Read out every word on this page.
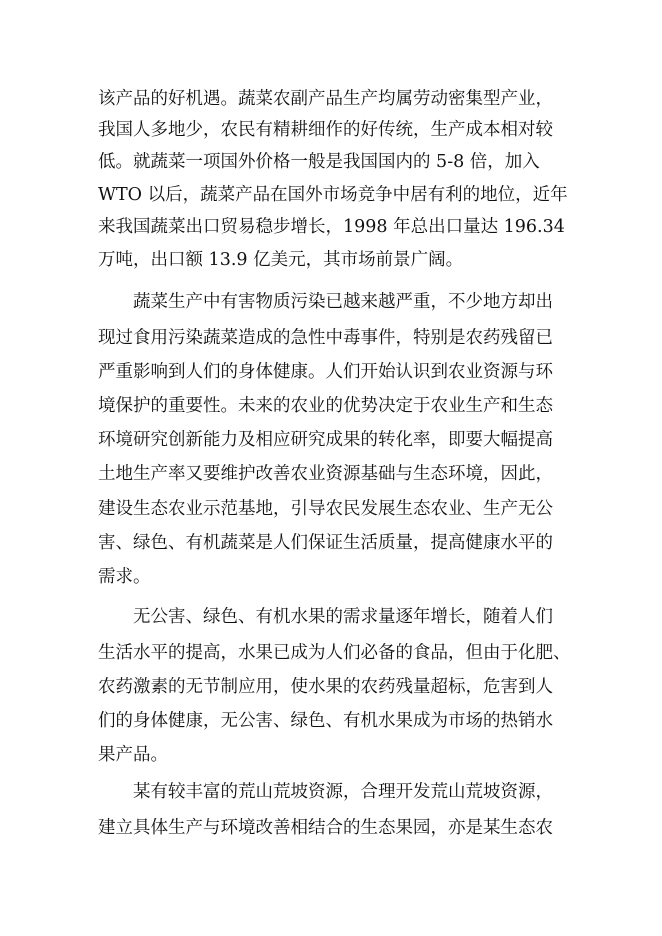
该产品的好机遇。蔬菜农副产品生产均属劳动密集型产业，
我国人多地少，农民有精耕细作的好传统，生产成本相对较
低。就蔬菜一项国外价格一般是我国国内的 5-8 倍，加入
WTO 以后，蔬菜产品在国外市场竞争中居有利的地位，近年
来我国蔬菜出口贸易稳步增长，1998 年总出口量达 196.34
万吨，出口额 13.9 亿美元，其市场前景广阔。
蔬菜生产中有害物质污染已越来越严重，不少地方却出
现过食用污染蔬菜造成的急性中毒事件，特别是农药残留已
严重影响到人们的身体健康。人们开始认识到农业资源与环
境保护的重要性。未来的农业的优势决定于农业生产和生态
环境研究创新能力及相应研究成果的转化率，即要大幅提高
土地生产率又要维护改善农业资源基础与生态环境，因此，
建设生态农业示范基地，引导农民发展生态农业、生产无公
害、绿色、有机蔬菜是人们保证生活质量，提高健康水平的
需求。
无公害、绿色、有机水果的需求量逐年增长，随着人们
生活水平的提高，水果已成为人们必备的食品，但由于化肥、
农药激素的无节制应用，使水果的农药残量超标，危害到人
们的身体健康，无公害、绿色、有机水果成为市场的热销水
果产品。
某有较丰富的荒山荒坡资源，合理开发荒山荒坡资源，
建立具体生产与环境改善相结合的生态果园，亦是某生态农
